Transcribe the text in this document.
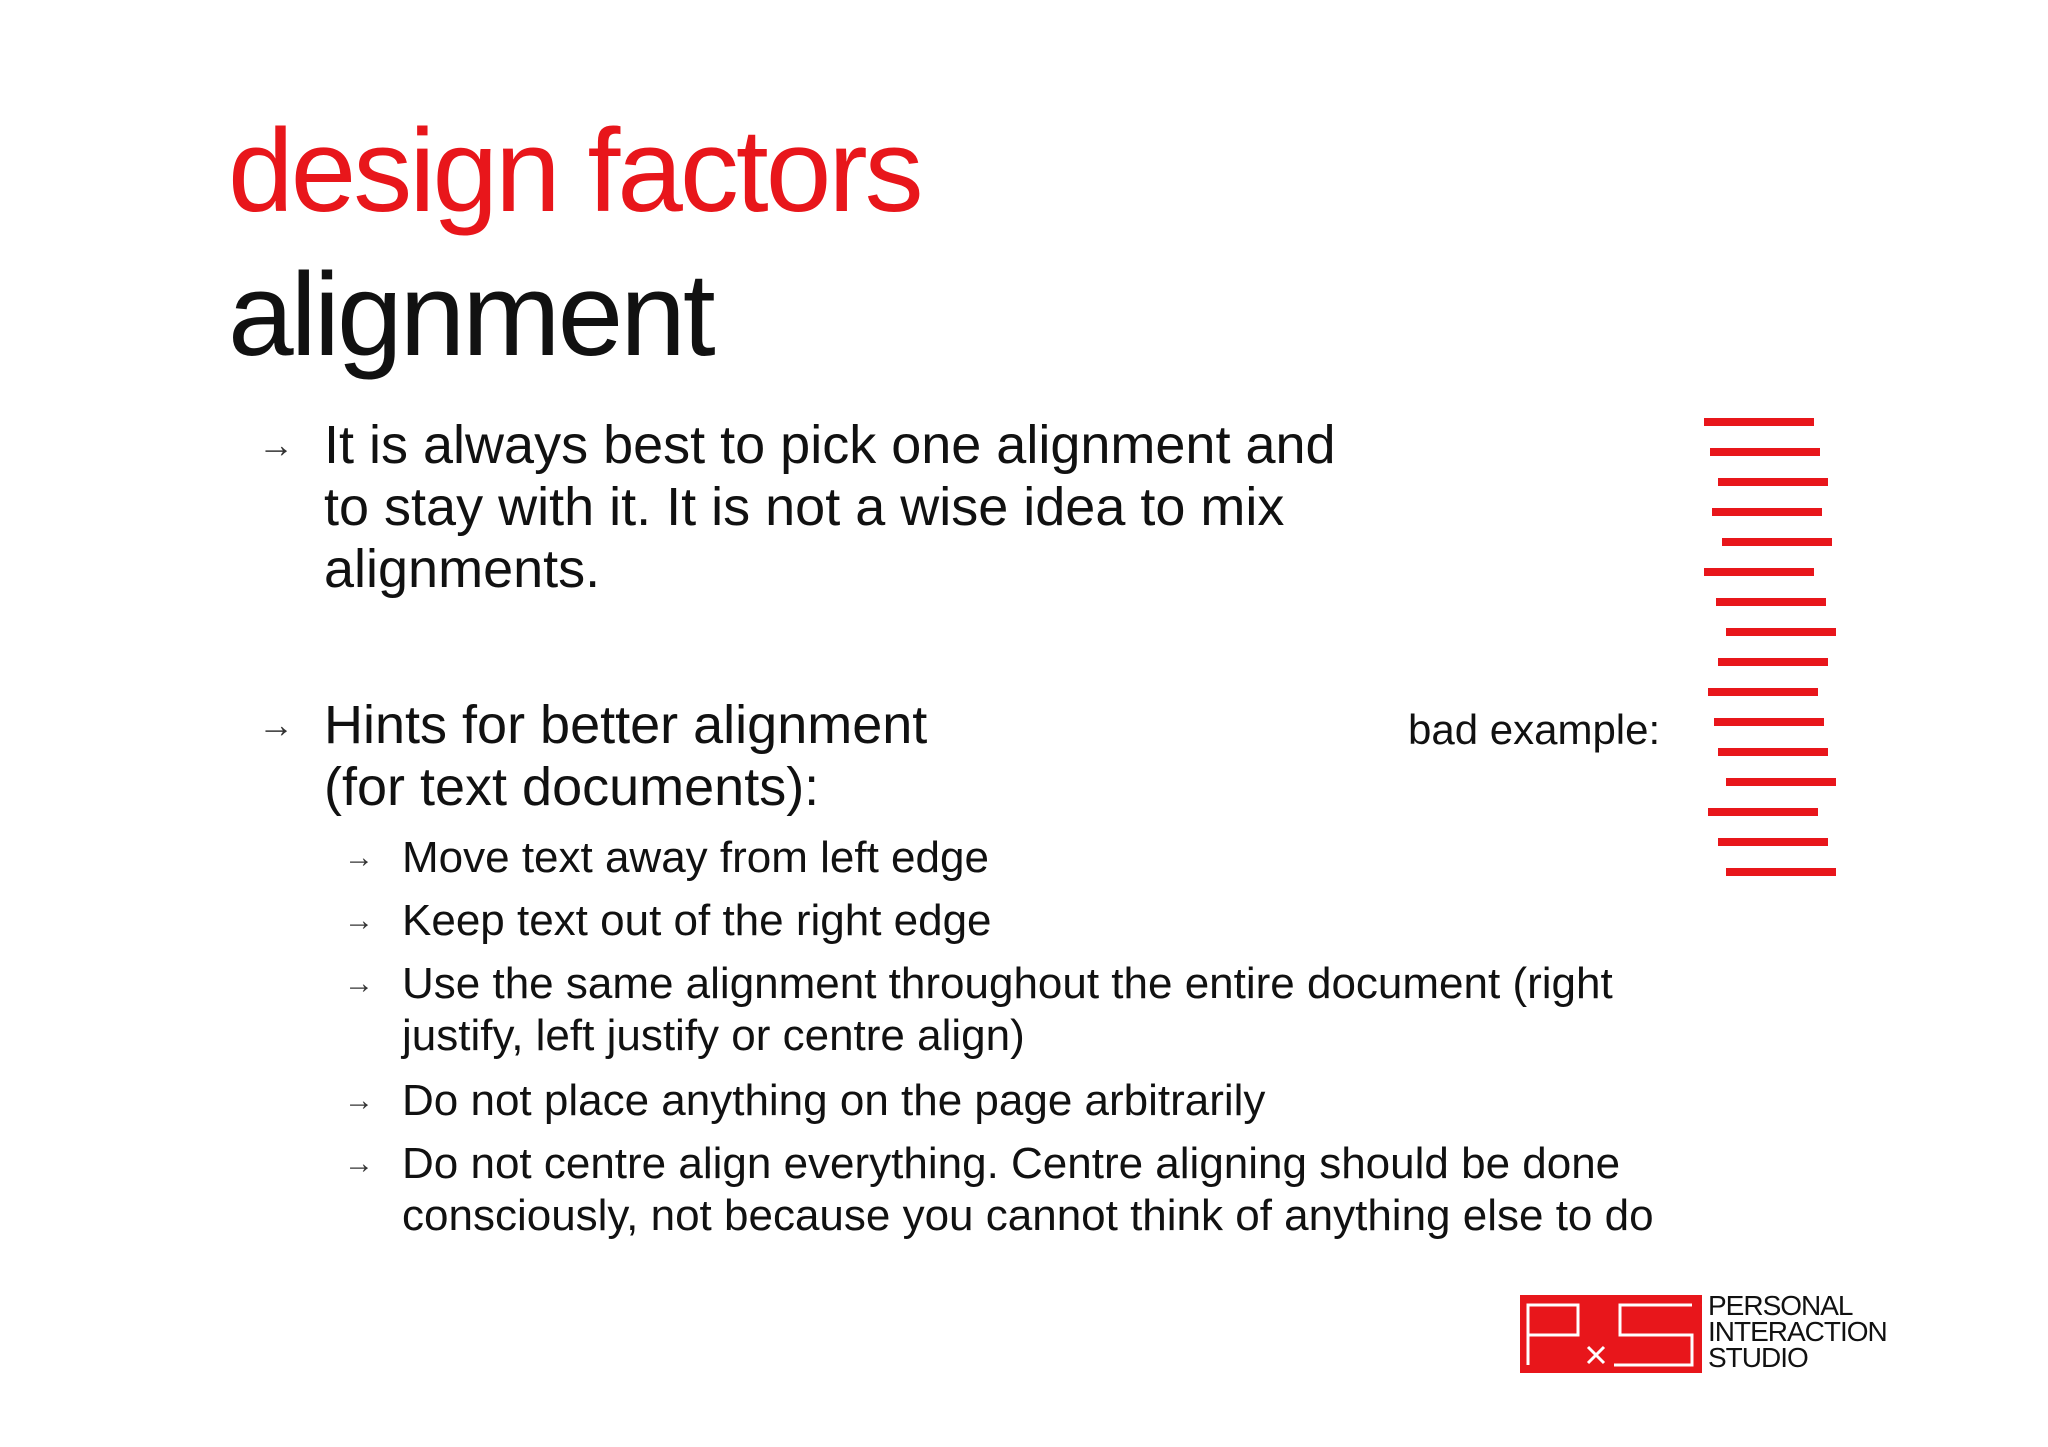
design factors
alignment
→ It is always best to pick one alignment and
to stay with it. It is not a wise idea to mix
alignments.
→ Hints for better alignment
(for text documents):
→ Move text away from left edge
→ Keep text out of the right edge
→ Use the same alignment throughout the entire document (right
justify, left justify or centre align)
→ Do not place anything on the page arbitrarily
→ Do not centre align everything. Centre aligning should be done
consciously, not because you cannot think of anything else to do
bad example:
PERSONAL
INTERACTION
STUDIO
